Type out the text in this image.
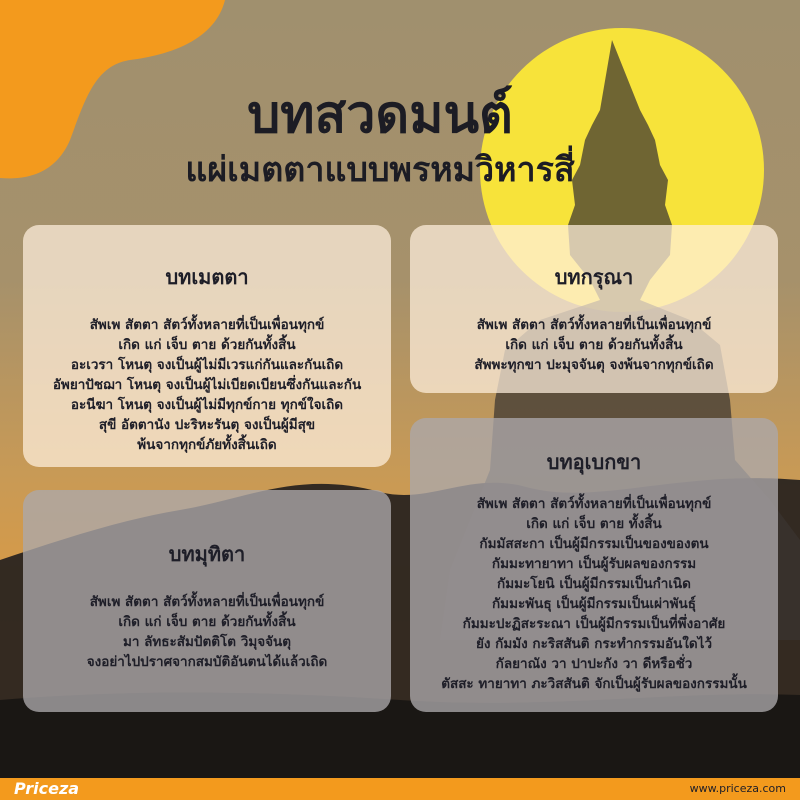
บทสวดมนต์
แผ่เมตตาแบบพรหมวิหารสี่
บทเมตตา
สัพเพ สัตตา สัตว์ทั้งหลายที่เป็นเพื่อนทุกข์
เกิด แก่ เจ็บ ตาย ด้วยกันทั้งสิ้น
อะเวรา โหนตุ จงเป็นผู้ไม่มีเวรแก่กันและกันเถิด
อัพยาปัชฌา โหนตุ จงเป็นผู้ไม่เบียดเบียนซึ่งกันและกัน
อะนีฆา โหนตุ จงเป็นผู้ไม่มีทุกข์กาย ทุกข์ใจเถิด
สุขี อัตตานัง ปะริหะรันตุ จงเป็นผู้มีสุข
พ้นจากทุกข์ภัยทั้งสิ้นเถิด
บทกรุณา
สัพเพ สัตตา สัตว์ทั้งหลายที่เป็นเพื่อนทุกข์
เกิด แก่ เจ็บ ตาย ด้วยกันทั้งสิ้น
สัพพะทุกขา ปะมุจจันตุ จงพ้นจากทุกข์เถิด
บทมุทิตา
สัพเพ สัตตา สัตว์ทั้งหลายที่เป็นเพื่อนทุกข์
เกิด แก่ เจ็บ ตาย ด้วยกันทั้งสิ้น
มา ลัทธะสัมปัตติโต วิมุจจันตุ
จงอย่าไปปราศจากสมบัติอันตนได้แล้วเถิด
บทอุเบกขา
สัพเพ สัตตา สัตว์ทั้งหลายที่เป็นเพื่อนทุกข์
เกิด แก่ เจ็บ ตาย ทั้งสิ้น
กัมมัสสะกา เป็นผู้มีกรรมเป็นของของตน
กัมมะทายาทา เป็นผู้รับผลของกรรม
กัมมะโยนิ เป็นผู้มีกรรมเป็นกำเนิด
กัมมะพันธุ เป็นผู้มีกรรมเป็นเผ่าพันธุ์
กัมมะปะฏิสะระณา เป็นผู้มีกรรมเป็นที่พึ่งอาศัย
ยัง กัมมัง กะริสสันติ กระทำกรรมอันใดไว้
กัลยาณัง วา ปาปะกัง วา ดีหรือชั่ว
ตัสสะ ทายาทา ภะวิสสันติ จักเป็นผู้รับผลของกรรมนั้น
Priceza	www.priceza.com
